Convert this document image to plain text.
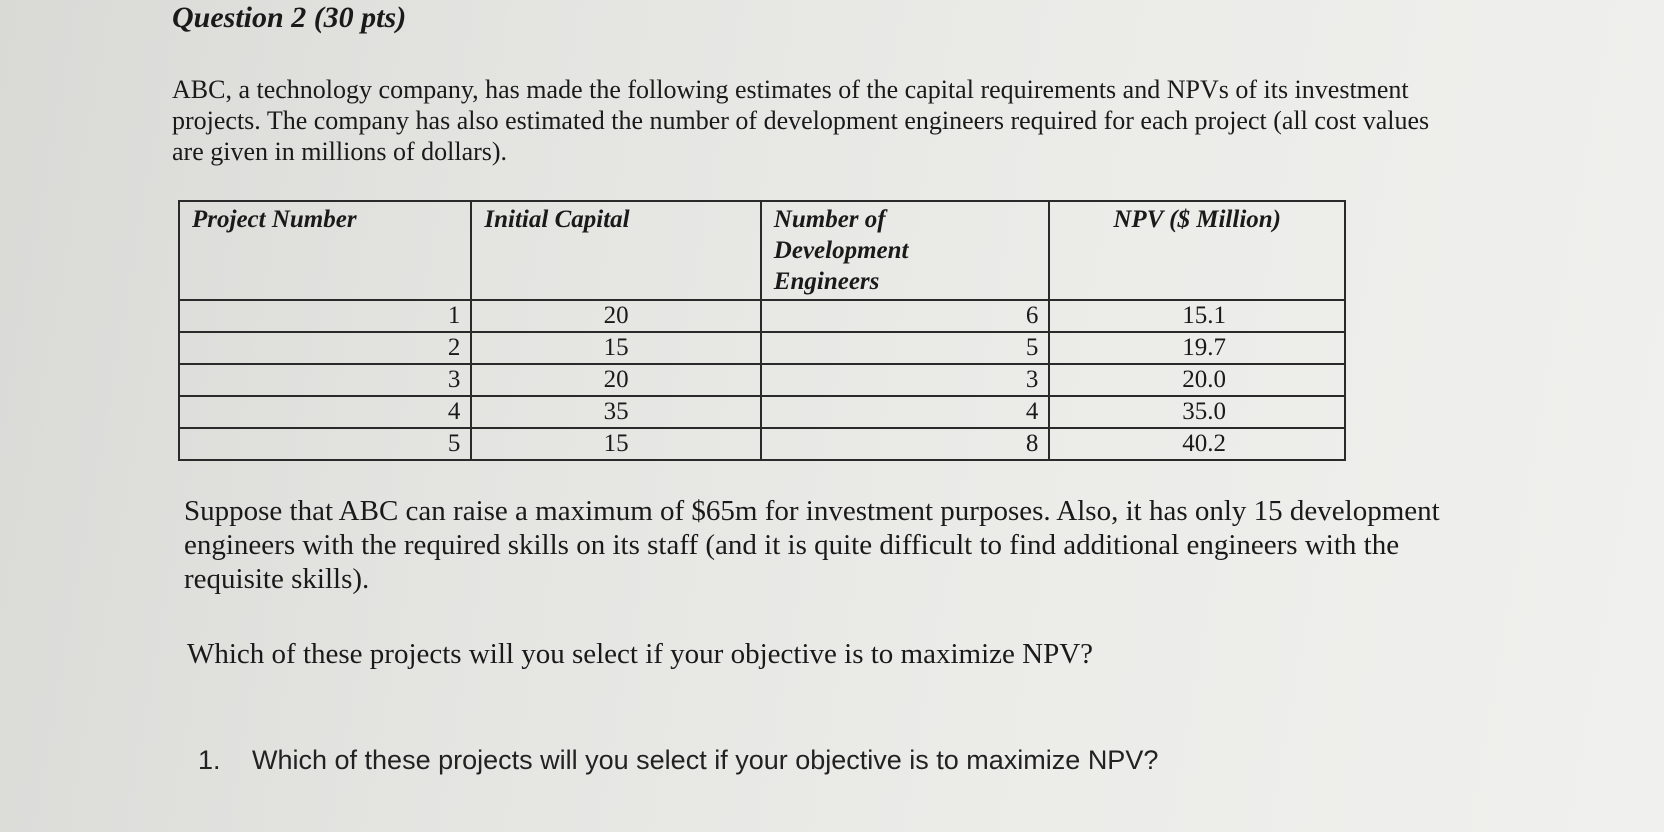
Question 2 (30 pts)

ABC, a technology company, has made the following estimates of the capital requirements and NPVs of its investment projects. The company has also estimated the number of development engineers required for each project (all cost values are given in millions of dollars).

Project Number	Initial Capital	Number of
Development
Engineers	NPV ($ Million)
1	20	6	15.1
2	15	5	19.7
3	20	3	20.0
4	35	4	35.0
5	15	8	40.2

Suppose that ABC can raise a maximum of $65m for investment purposes. Also, it has only 15 development engineers with the required skills on its staff (and it is quite difficult to find additional engineers with the requisite skills).

Which of these projects will you select if your objective is to maximize NPV?

1. Which of these projects will you select if your objective is to maximize NPV?
